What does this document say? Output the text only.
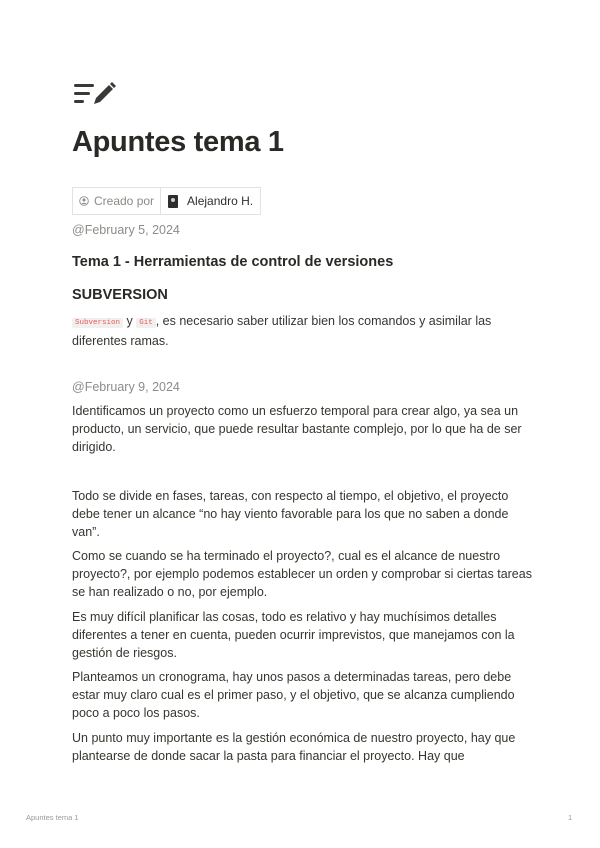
Apuntes tema 1
Creado por	Alejandro H.
@February 5, 2024
Tema 1 - Herramientas de control de versiones
SUBVERSION

Subversion y Git , es necesario saber utilizar bien los comandos y asimilar las diferentes ramas.

@February 9, 2024

Identificamos un proyecto como un esfuerzo temporal para crear algo, ya sea un producto, un servicio, que puede resultar bastante complejo, por lo que ha de ser dirigido.

Todo se divide en fases, tareas, con respecto al tiempo, el objetivo, el proyecto debe tener un alcance “no hay viento favorable para los que no saben a donde van”.

Como se cuando se ha terminado el proyecto?, cual es el alcance de nuestro proyecto?, por ejemplo podemos establecer un orden y comprobar si ciertas tareas se han realizado o no, por ejemplo.

Es muy difícil planificar las cosas, todo es relativo y hay muchísimos detalles diferentes a tener en cuenta, pueden ocurrir imprevistos, que manejamos con la gestión de riesgos.

Planteamos un cronograma, hay unos pasos a determinadas tareas, pero debe estar muy claro cual es el primer paso, y el objetivo, que se alcanza cumpliendo poco a poco los pasos.

Un punto muy importante es la gestión económica de nuestro proyecto, hay que plantearse de donde sacar la pasta para financiar el proyecto. Hay que

Apuntes tema 1	1
